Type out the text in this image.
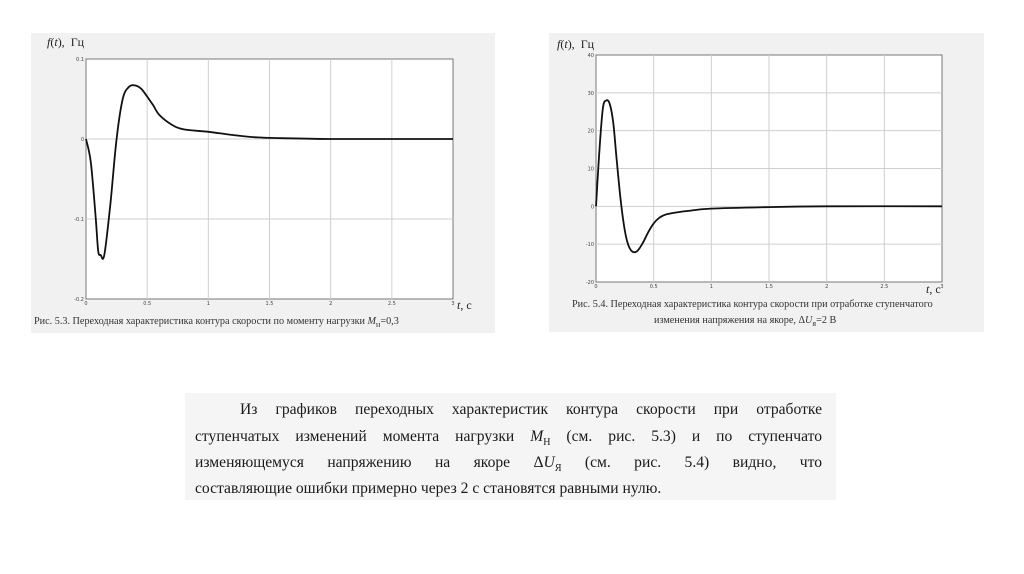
f(t),  Гц
0	0.5	1	1.5	2	2.5	3
0.1
0
-0.1
-0.2	t, с
Рис. 5.3. Переходная характеристика контура скорости по моменту нагрузки $M_н=0,3$
f(t),  Гц
0	0.5	1	1.5	2	2.5	3
40
30
20
10
0
-10
-20	t, с
Рис. 5.4. Переходная характеристика контура скорости при отработке ступенчатого
изменения напряжения на якоре, $\Delta U_я=2$ В
Из графиков переходных характеристик контура скорости при отработке
ступенчатых изменений момента нагрузки $M_Н$ (см. рис. 5.3) и по ступенчато
изменяющемуся напряжению на якоре $\Delta U_Я$ (см. рис. 5.4) видно, что
составляющие ошибки примерно через 2 с становятся равными нулю.
